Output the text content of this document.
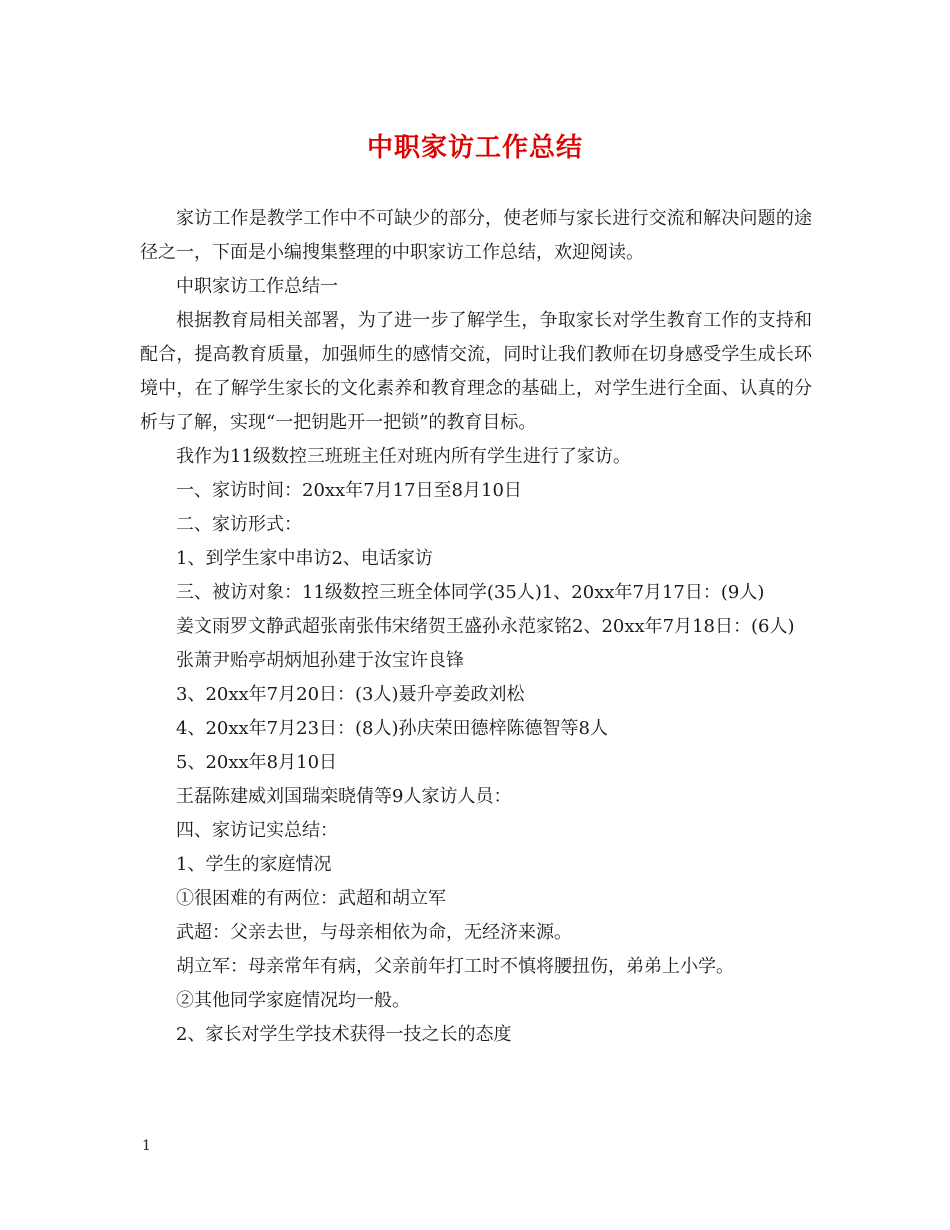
中职家访工作总结

家访工作是教学工作中不可缺少的部分，使老师与家长进行交流和解决问题的途径之一，下面是小编搜集整理的中职家访工作总结，欢迎阅读。

中职家访工作总结一

根据教育局相关部署，为了进一步了解学生，争取家长对学生教育工作的支持和配合，提高教育质量，加强师生的感情交流，同时让我们教师在切身感受学生成长环境中，在了解学生家长的文化素养和教育理念的基础上，对学生进行全面、认真的分析与了解，实现“一把钥匙开一把锁”的教育目标。

我作为11级数控三班班主任对班内所有学生进行了家访。

一、家访时间：20xx年7月17日至8月10日

二、家访形式：

1、到学生家中串访2、电话家访

三、被访对象：11级数控三班全体同学(35人)1、20xx年7月17日：(9人)

姜文雨罗文静武超张南张伟宋绪贺王盛孙永范家铭2、20xx年7月18日：(6人)

张萧尹贻亭胡炳旭孙建于汝宝许良锋

3、20xx年7月20日：(3人)聂升亭姜政刘松

4、20xx年7月23日：(8人)孙庆荣田德梓陈德智等8人

5、20xx年8月10日

王磊陈建威刘国瑞栾晓倩等9人家访人员：

四、家访记实总结：

1、学生的家庭情况

①很困难的有两位：武超和胡立军

武超：父亲去世，与母亲相依为命，无经济来源。

胡立军：母亲常年有病，父亲前年打工时不慎将腰扭伤，弟弟上小学。

②其他同学家庭情况均一般。

2、家长对学生学技术获得一技之长的态度

1
